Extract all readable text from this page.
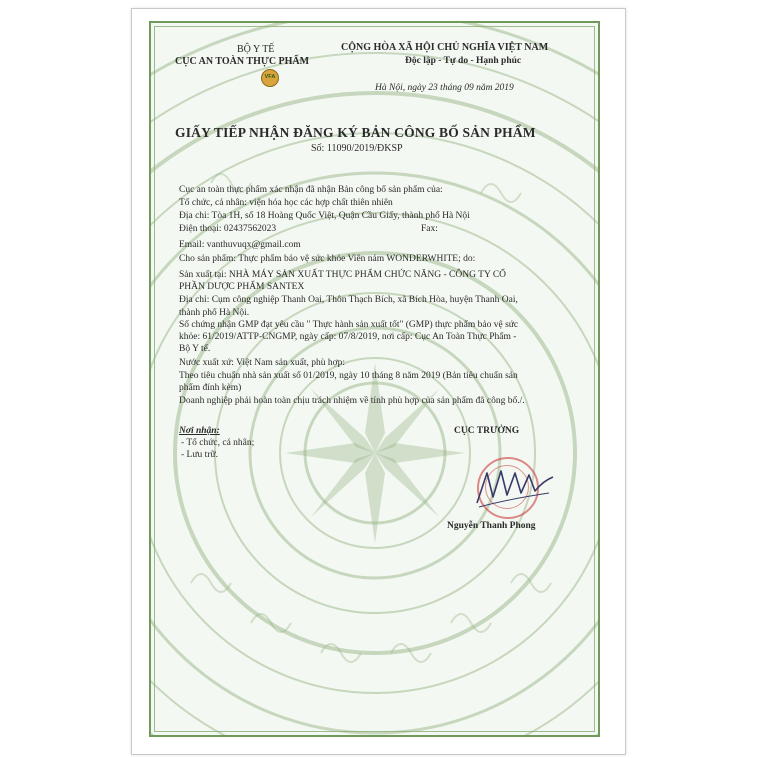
BỘ Y TẾ
CỤC AN TOÀN THỰC PHẨM
VFA
CỘNG HÒA XÃ HỘI CHỦ NGHĨA VIỆT NAM
Độc lập - Tự do - Hạnh phúc
Hà Nội, ngày 23 tháng 09 năm 2019
GIẤY TIẾP NHẬN ĐĂNG KÝ BẢN CÔNG BỐ SẢN PHẨM
Số: 11090/2019/ĐKSP
Cục an toàn thực phẩm xác nhận đã nhận Bản công bố sản phẩm của:
Tổ chức, cá nhân: viện hóa học các hợp chất thiên nhiên
Địa chỉ: Tòa 1H, số 18 Hoàng Quốc Việt, Quận Cầu Giấy, thành phố Hà Nội
Điện thoại: 02437562023	Fax:
Email: vanthuvuqx@gmail.com
Cho sản phẩm: Thực phẩm bảo vệ sức khỏe Viên nám WONDERWHITE; do:
Sản xuất tại: NHÀ MÁY SẢN XUẤT THỰC PHẨM CHỨC NĂNG - CÔNG TY CỔ
PHẦN DƯỢC PHẨM SANTEX
Địa chỉ: Cụm công nghiệp Thanh Oai, Thôn Thạch Bích, xã Bích Hòa, huyện Thanh Oai,
thành phố Hà Nội.
Số chứng nhận GMP đạt yêu cầu " Thực hành sản xuất tốt" (GMP) thực phẩm bảo vệ sức
khỏe: 61/2019/ATTP-CNGMP, ngày cấp: 07/8/2019, nơi cấp: Cục An Toàn Thực Phẩm -
Bộ Y tế.
Nước xuất xứ: Việt Nam sản xuất, phù hợp:
Theo tiêu chuẩn nhà sản xuất số 01/2019, ngày 10 tháng 8 năm 2019 (Bản tiêu chuẩn sản
phẩm đính kèm)
Doanh nghiệp phải hoàn toàn chịu trách nhiệm về tính phù hợp của sản phẩm đã công bố./.
Nơi nhận:
- Tổ chức, cá nhân;
- Lưu trữ.
CỤC TRƯỞNG
Nguyễn Thanh Phong
